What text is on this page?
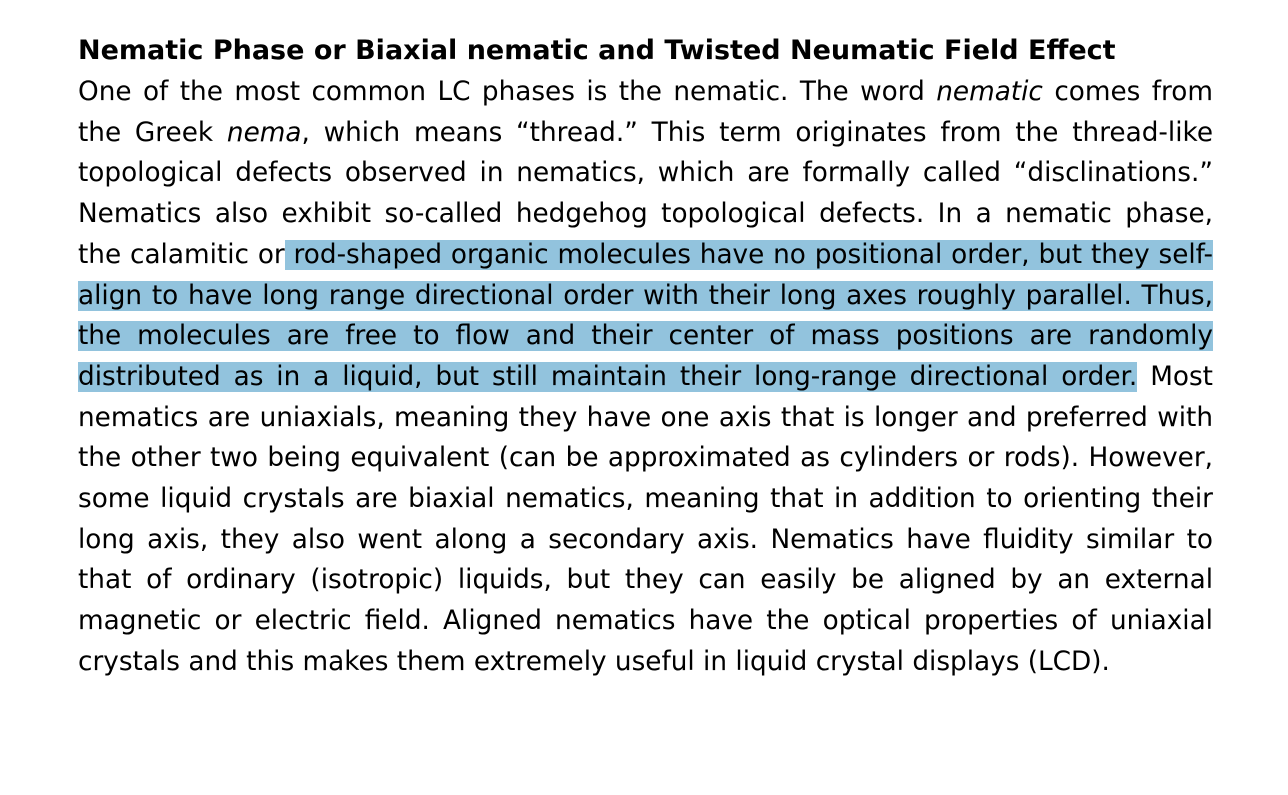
Nematic Phase or Biaxial nematic and Twisted Neumatic Field Effect

One of the most common LC phases is the nematic. The word nematic comes from the Greek nema, which means “thread.” This term originates from the thread-like topological defects observed in nematics, which are formally called “disclinations.” Nematics also exhibit so-called hedgehog topological defects. In a nematic phase, the calamitic or rod-shaped organic molecules have no positional order, but they self-align to have long range directional order with their long axes roughly parallel. Thus, the molecules are free to flow and their center of mass positions are randomly distributed as in a liquid, but still maintain their long-range directional order. Most nematics are uniaxials, meaning they have one axis that is longer and preferred with the other two being equivalent (can be approximated as cylinders or rods). However, some liquid crystals are biaxial nematics, meaning that in addition to orienting their long axis, they also went along a secondary axis. Nematics have fluidity similar to that of ordinary (isotropic) liquids, but they can easily be aligned by an external magnetic or electric field. Aligned nematics have the optical properties of uniaxial crystals and this makes them extremely useful in liquid crystal displays (LCD).
